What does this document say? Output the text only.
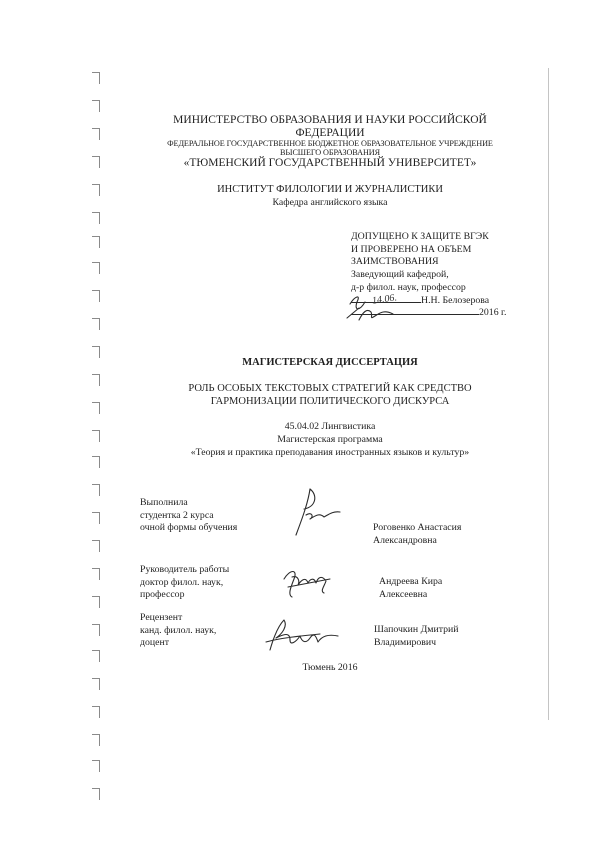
МИНИСТЕРСТВО ОБРАЗОВАНИЯ И НАУКИ РОССИЙСКОЙ
ФЕДЕРАЦИИ
ФЕДЕРАЛЬНОЕ ГОСУДАРСТВЕННОЕ БЮДЖЕТНОЕ ОБРАЗОВАТЕЛЬНОЕ УЧРЕЖДЕНИЕ
ВЫСШЕГО ОБРАЗОВАНИЯ
«ТЮМЕНСКИЙ ГОСУДАРСТВЕННЫЙ УНИВЕРСИТЕТ»
ИНСТИТУТ ФИЛОЛОГИИ И ЖУРНАЛИСТИКИ
Кафедра английского языка
ДОПУЩЕНО К ЗАЩИТЕ ВГЭК
И ПРОВЕРЕНО НА ОБЪЕМ
ЗАИМСТВОВАНИЯ
Заведующий кафедрой,
д-р филол. наук, профессор
Н.Н. Белозерова
2016 г.
14.06.
МАГИСТЕРСКАЯ ДИССЕРТАЦИЯ
РОЛЬ ОСОБЫХ ТЕКСТОВЫХ СТРАТЕГИЙ КАК СРЕДСТВО
ГАРМОНИЗАЦИИ ПОЛИТИЧЕСКОГО ДИСКУРСА
45.04.02 Лингвистика
Магистерская программа
«Теория и практика преподавания иностранных языков и культур»
Выполнила
студентка 2 курса
очной формы обучения	Роговенко Анастасия
Александровна
Руководитель работы
доктор филол. наук,
профессор
Андреева Кира
Алексеевна
Рецензент
канд. филол. наук,
доцент
Шапочкин Дмитрий
Владимирович
Тюмень 2016
